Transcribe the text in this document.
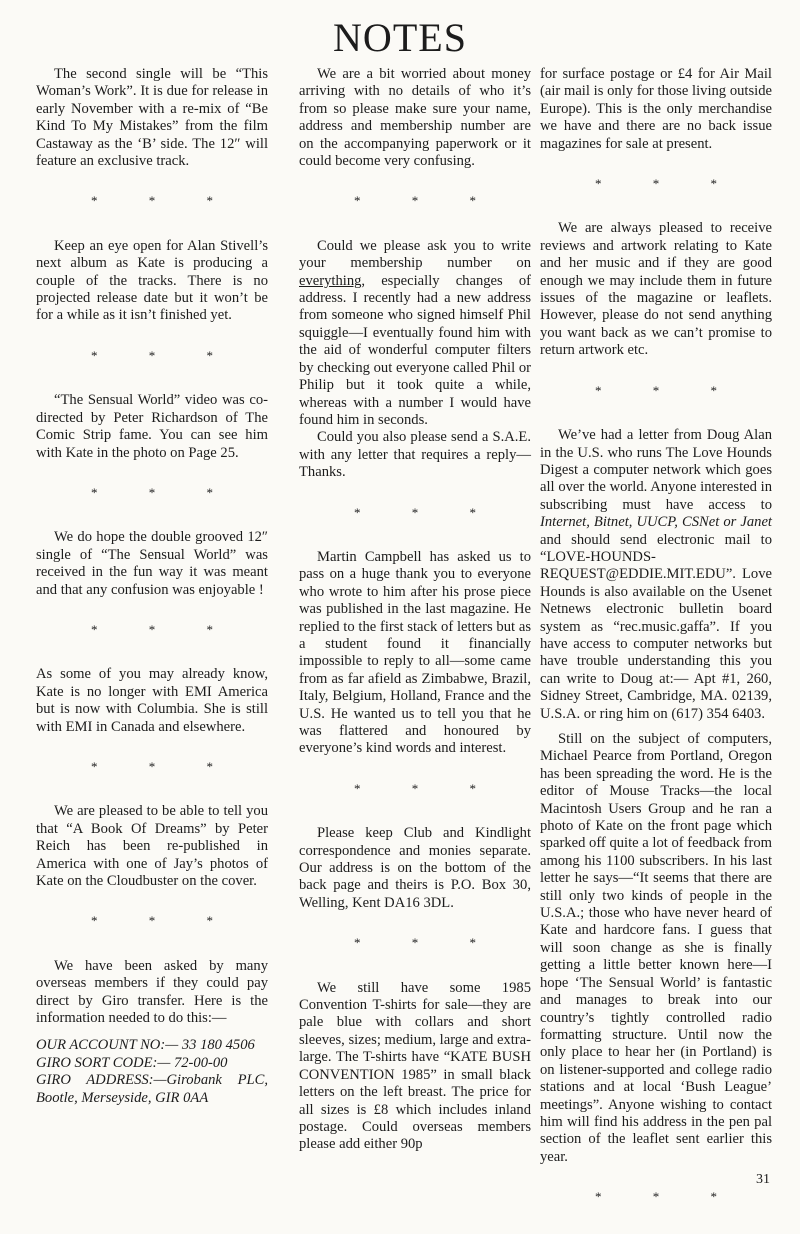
NOTES

The second single will be “This Woman’s Work”. It is due for release in early November with a re-mix of “Be Kind To My Mistakes” from the film Castaway as the ‘B’ side. The 12″ will feature an exclusive track.

* * *

Keep an eye open for Alan Stivell’s next album as Kate is producing a couple of the tracks. There is no projected release date but it won’t be for a while as it isn’t finished yet.

* * *

“The Sensual World” video was co-directed by Peter Richardson of The Comic Strip fame. You can see him with Kate in the photo on Page 25.

* * *

We do hope the double grooved 12″ single of “The Sensual World” was received in the fun way it was meant and that any confusion was enjoyable !

* * *

As some of you may already know, Kate is no longer with EMI America but is now with Columbia. She is still with EMI in Canada and elsewhere.

* * *

We are pleased to be able to tell you that “A Book Of Dreams” by Peter Reich has been re-published in America with one of Jay’s photos of Kate on the Cloudbuster on the cover.

* * *

We have been asked by many overseas members if they could pay direct by Giro transfer. Here is the information needed to do this:—

OUR ACCOUNT NO:— 33 180 4506

GIRO SORT CODE:— 72-00-00

GIRO ADDRESS:—Girobank PLC, Bootle, Merseyside, GIR 0AA

We are a bit worried about money arriving with no details of who it’s from so please make sure your name, address and membership number are on the accompanying paperwork or it could become very confusing.

* * *

Could we please ask you to write your membership number on everything, especially changes of address. I recently had a new address from someone who signed himself Phil squiggle—I eventually found him with the aid of wonderful computer filters by checking out everyone called Phil or Philip but it took quite a while, whereas with a number I would have found him in seconds.

Could you also please send a S.A.E. with any letter that requires a reply—Thanks.

* * *

Martin Campbell has asked us to pass on a huge thank you to everyone who wrote to him after his prose piece was published in the last magazine. He replied to the first stack of letters but as a student found it financially impossible to reply to all—some came from as far afield as Zimbabwe, Brazil, Italy, Belgium, Holland, France and the U.S. He wanted us to tell you that he was flattered and honoured by everyone’s kind words and interest.

* * *

Please keep Club and Kindlight correspondence and monies separate. Our address is on the bottom of the back page and theirs is P.O. Box 30, Welling, Kent DA16 3DL.

* * *

We still have some 1985 Convention T-shirts for sale—they are pale blue with collars and short sleeves, sizes; medium, large and extra-large. The T-shirts have “KATE BUSH CONVENTION 1985” in small black letters on the left breast. The price for all sizes is £8 which includes inland postage. Could overseas members please add either 90p

for surface postage or £4 for Air Mail (air mail is only for those living outside Europe). This is the only merchandise we have and there are no back issue magazines for sale at present.

* * *

We are always pleased to receive reviews and artwork relating to Kate and her music and if they are good enough we may include them in future issues of the magazine or leaflets. However, please do not send anything you want back as we can’t promise to return artwork etc.

* * *

We’ve had a letter from Doug Alan in the U.S. who runs The Love Hounds Digest a computer network which goes all over the world. Anyone interested in subscribing must have access to Internet, Bitnet, UUCP, CSNet or Janet and should send electronic mail to “LOVE-HOUNDS-REQUEST@EDDIE.MIT.EDU”. Love Hounds is also available on the Usenet Netnews electronic bulletin board system as “rec.music.gaffa”. If you have access to computer networks but have trouble understanding this you can write to Doug at:— Apt #1, 260, Sidney Street, Cambridge, MA. 02139, U.S.A. or ring him on (617) 354 6403.

Still on the subject of computers, Michael Pearce from Portland, Oregon has been spreading the word. He is the editor of Mouse Tracks—the local Macintosh Users Group and he ran a photo of Kate on the front page which sparked off quite a lot of feedback from among his 1100 subscribers. In his last letter he says—“It seems that there are still only two kinds of people in the U.S.A.; those who have never heard of Kate and hardcore fans. I guess that will soon change as she is finally getting a little better known here—I hope ‘The Sensual World’ is fantastic and manages to break into our country’s tightly controlled radio formatting structure. Until now the only place to hear her (in Portland) is on listener-supported and college radio stations and at local ‘Bush League’ meetings”. Anyone wishing to contact him will find his address in the pen pal section of the leaflet sent earlier this year.

* * *
31
